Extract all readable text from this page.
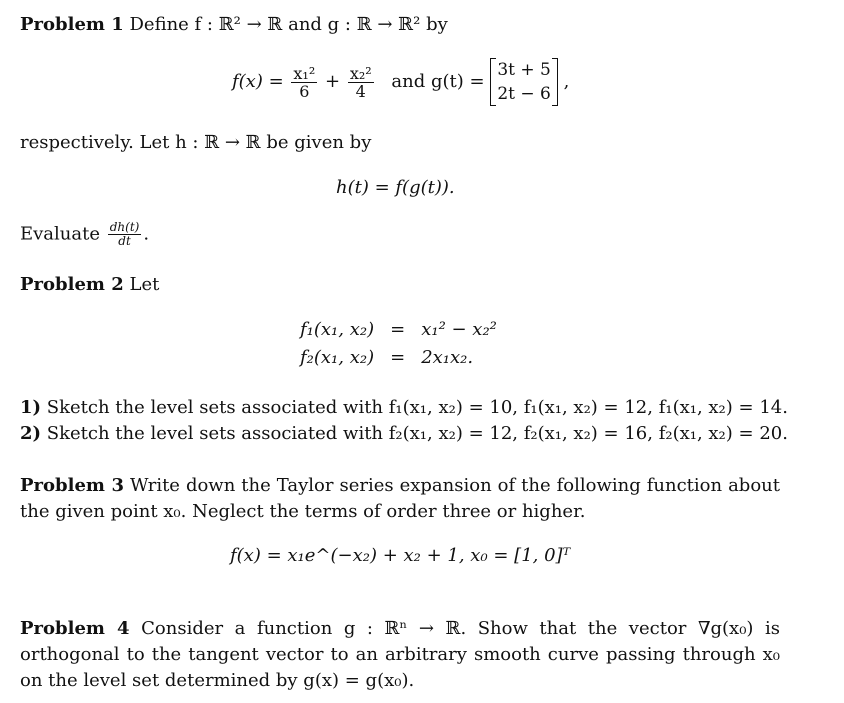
Problem 1 Define f : ℝ² → ℝ and g : ℝ → ℝ² by
$f(x) = \frac{\text{x₁²}}{6} + \frac{\text{x₂²}}{4}$ and g(t) =
3t + 5
2t − 6
,
respectively. Let h : ℝ → ℝ be given by
h(t) = f(g(t)).
Evaluate $\frac{dh(t)}{dt}$ .
Problem 2 Let
f₁(x₁, x₂)	=	x₁² − x₂²
f₂(x₁, x₂)	=	2x₁x₂.
1) Sketch the level sets associated with f₁(x₁, x₂) = 10, f₁(x₁, x₂) = 12, f₁(x₁, x₂) = 14.
2) Sketch the level sets associated with f₂(x₁, x₂) = 12, f₂(x₁, x₂) = 16, f₂(x₁, x₂) = 20.
Problem 3 Write down the Taylor series expansion of the following function about the given point x₀. Neglect the terms of order three or higher.
f(x) = x₁e^(−x₂) + x₂ + 1, x₀ = [1, 0]ᵀ
Problem 4 Consider a function g : ℝⁿ → ℝ. Show that the vector ∇g(x₀) is orthogonal to the tangent vector to an arbitrary smooth curve passing through x₀ on the level set determined by g(x) = g(x₀).
